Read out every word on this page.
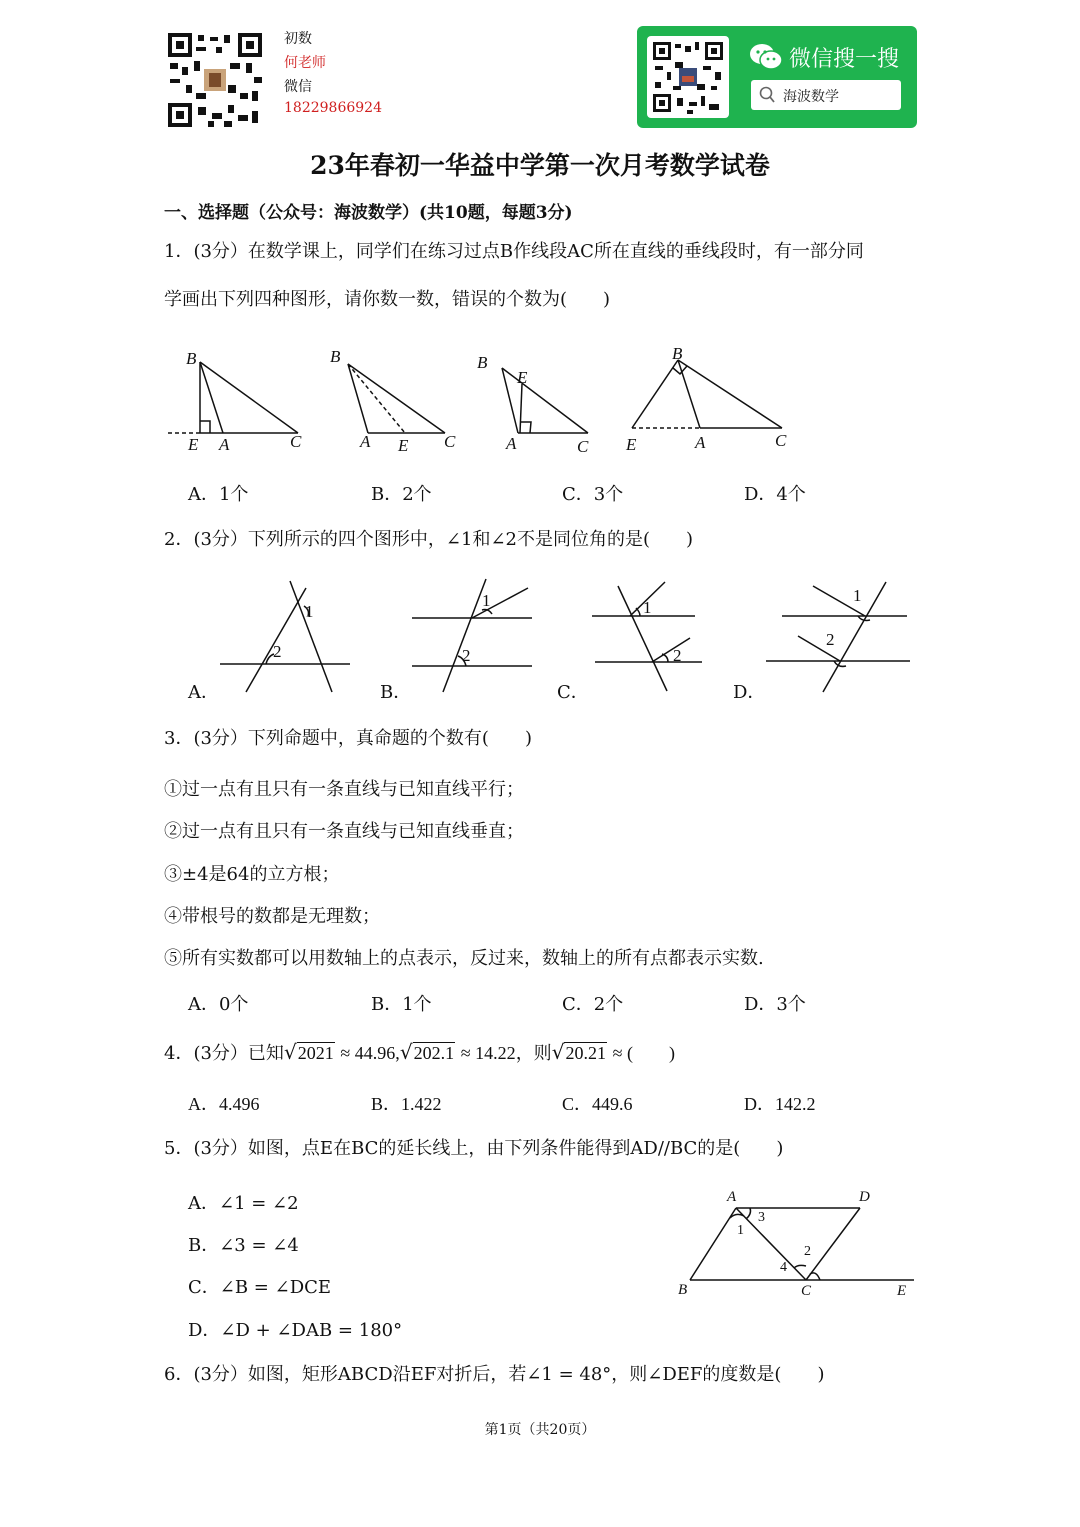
初数
何老师
微信
18229866924
微信搜一搜
海波数学
23年春初一华益中学第一次月考数学试卷
一、选择题（公众号：海波数学）(共10题，每题3分)
1．(3分）在数学课上，同学们在练习过点B作线段AC所在直线的垂线段时，有一部分同
学画出下列四种图形，请你数一数，错误的个数为(　　)
B
E A	C
B
A E C
B
E
A	C
B
E	A	C
A．1个	B．2个	C．3个	D．4个
2．(3分）下列所示的四个图形中，∠1和∠2不是同位角的是(　　)
1
2
1
2
1
2
1
2
A．	B．	C．	D．
3．(3分）下列命题中，真命题的个数有(　　)
①过一点有且只有一条直线与已知直线平行；
②过一点有且只有一条直线与已知直线垂直；
③±4是64的立方根；
④带根号的数都是无理数；
⑤所有实数都可以用数轴上的点表示，反过来，数轴上的所有点都表示实数.
A．0个	B．1个	C．2个	D．3个
4．(3分）已知√2021 ≈ 44.96,√202.1 ≈ 14.22，则√20.21 ≈ (　　)
A．4.496	B．1.422	C．449.6	D．142.2
5．(3分）如图，点E在BC的延长线上，由下列条件能得到AD//BC的是(　　)
A．∠1 = ∠2
B．∠3 = ∠4
C．∠B = ∠DCE
D．∠D + ∠DAB = 180°
A	D
3
1
2
4
B	C	E
6．(3分）如图，矩形ABCD沿EF对折后，若∠1 = 48°，则∠DEF的度数是(　　)
第1页（共20页）
